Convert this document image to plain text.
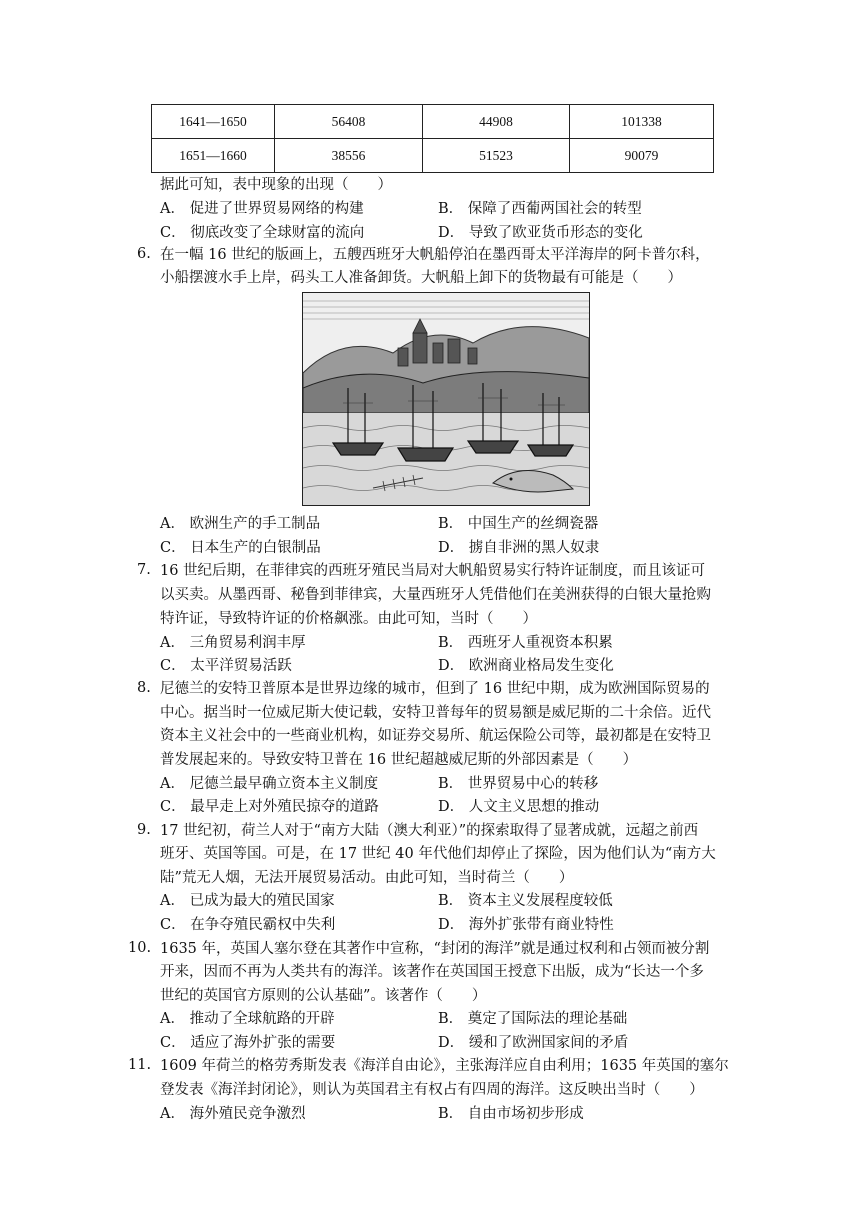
1641—1650	56408	44908	101338
1651—1660	38556	51523	90079
据此可知，表中现象的出现（　　）
A． 促进了世界贸易网络的构建	B． 保障了西葡两国社会的转型
C． 彻底改变了全球财富的流向	D． 导致了欧亚货币形态的变化
6. 在一幅 16 世纪的版画上，五艘西班牙大帆船停泊在墨西哥太平洋海岸的阿卡普尔科，
小船摆渡水手上岸，码头工人准备卸货。大帆船上卸下的货物最有可能是（　　）
A． 欧洲生产的手工制品	B． 中国生产的丝绸瓷器
C． 日本生产的白银制品	D． 掳自非洲的黑人奴隶
7. 16 世纪后期，在菲律宾的西班牙殖民当局对大帆船贸易实行特许证制度，而且该证可
以买卖。从墨西哥、秘鲁到菲律宾，大量西班牙人凭借他们在美洲获得的白银大量抢购
特许证，导致特许证的价格飙涨。由此可知，当时（　　）
A． 三角贸易利润丰厚	B． 西班牙人重视资本积累
C． 太平洋贸易活跃	D． 欧洲商业格局发生变化
8. 尼德兰的安特卫普原本是世界边缘的城市，但到了 16 世纪中期，成为欧洲国际贸易的
中心。据当时一位威尼斯大使记载，安特卫普每年的贸易额是威尼斯的二十余倍。近代
资本主义社会中的一些商业机构，如证券交易所、航运保险公司等，最初都是在安特卫
普发展起来的。导致安特卫普在 16 世纪超越威尼斯的外部因素是（　　）
A． 尼德兰最早确立资本主义制度	B． 世界贸易中心的转移
C． 最早走上对外殖民掠夺的道路	D． 人文主义思想的推动
9. 17 世纪初，荷兰人对于“南方大陆（澳大利亚）”的探索取得了显著成就，远超之前西
班牙、英国等国。可是，在 17 世纪 40 年代他们却停止了探险，因为他们认为“南方大
陆”荒无人烟，无法开展贸易活动。由此可知，当时荷兰（　　）
A． 已成为最大的殖民国家	B． 资本主义发展程度较低
C． 在争夺殖民霸权中失利	D． 海外扩张带有商业特性
10. 1635 年，英国人塞尔登在其著作中宣称，“封闭的海洋”就是通过权利和占领而被分割
开来，因而不再为人类共有的海洋。该著作在英国国王授意下出版，成为“长达一个多
世纪的英国官方原则的公认基础”。该著作（　　）
A． 推动了全球航路的开辟	B． 奠定了国际法的理论基础
C． 适应了海外扩张的需要	D． 缓和了欧洲国家间的矛盾
11. 1609 年荷兰的格劳秀斯发表《海洋自由论》，主张海洋应自由利用；1635 年英国的塞尔
登发表《海洋封闭论》，则认为英国君主有权占有四周的海洋。这反映出当时（　　）
A． 海外殖民竞争激烈	B． 自由市场初步形成
